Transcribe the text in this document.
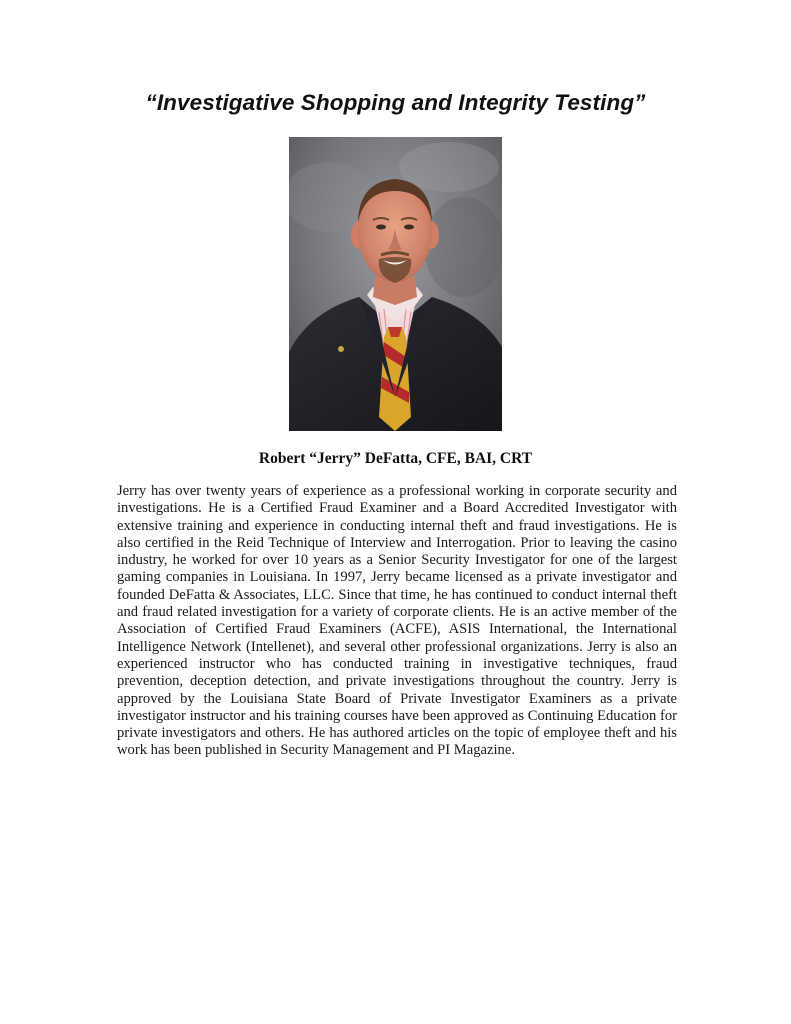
“Investigative Shopping and Integrity Testing”
Robert “Jerry” DeFatta, CFE, BAI, CRT

Jerry has over twenty years of experience as a professional working in corporate security and investigations. He is a Certified Fraud Examiner and a Board Accredited Investigator with extensive training and experience in conducting internal theft and fraud investigations. He is also certified in the Reid Technique of Interview and Interrogation. Prior to leaving the casino industry, he worked for over 10 years as a Senior Security Investigator for one of the largest gaming companies in Louisiana. In 1997, Jerry became licensed as a private investigator and founded DeFatta & Associates, LLC. Since that time, he has continued to conduct internal theft and fraud related investigation for a variety of corporate clients. He is an active member of the Association of Certified Fraud Examiners (ACFE), ASIS International, the International Intelligence Network (Intellenet), and several other professional organizations. Jerry is also an experienced instructor who has conducted training in investigative techniques, fraud prevention, deception detection, and private investigations throughout the country. Jerry is approved by the Louisiana State Board of Private Investigator Examiners as a private investigator instructor and his training courses have been approved as Continuing Education for private investigators and others. He has authored articles on the topic of employee theft and his work has been published in Security Management and PI Magazine.
